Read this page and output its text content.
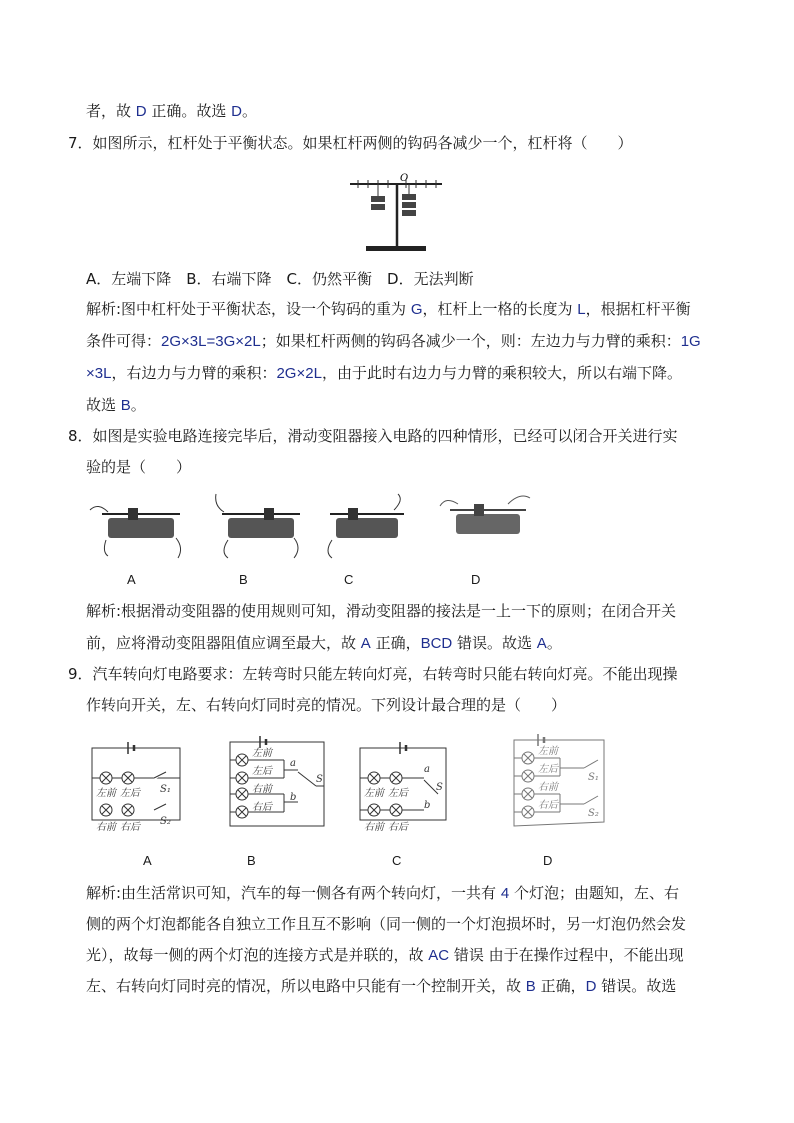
者，故 D 正确。故选 D。
7．如图所示，杠杆处于平衡状态。如果杠杆两侧的钩码各减少一个，杠杆将（　　）
O
A．左端下降　B．右端下降　C．仍然平衡　D．无法判断
解析:图中杠杆处于平衡状态，设一个钩码的重为 G，杠杆上一格的长度为 L，根据杠杆平衡
条件可得：2G×3L=3G×2L；如果杠杆两侧的钩码各减少一个，则：左边力与力臂的乘积：1G
×3L，右边力与力臂的乘积：2G×2L，由于此时右边力与力臂的乘积较大，所以右端下降。
故选 B。
8．如图是实验电路连接完毕后，滑动变阻器接入电路的四种情形，已经可以闭合开关进行实
验的是（　　）
A	B	C	D
解析:根据滑动变阻器的使用规则可知，滑动变阻器的接法是一上一下的原则；在闭合开关
前，应将滑动变阻器阻值应调至最大，故 A 正确，BCD 错误。故选 A。
9．汽车转向灯电路要求：左转弯时只能左转向灯亮，右转弯时只能右转向灯亮。不能出现操
作转向开关，左、右转向灯同时亮的情况。下列设计最合理的是（　　）
左前 左后
右前 右后
S₁
S₂
左前
左后
右前
右后
a
b
S
左前 左后
右前 右后
a
b
S
左前
左后
右前
右后
S₁
S₂
A	B	C	D
解析:由生活常识可知，汽车的每一侧各有两个转向灯，一共有 4 个灯泡；由题知，左、右
侧的两个灯泡都能各自独立工作且互不影响（同一侧的一个灯泡损坏时，另一灯泡仍然会发
光），故每一侧的两个灯泡的连接方式是并联的，故 AC 错误 由于在操作过程中，不能出现
左、右转向灯同时亮的情况，所以电路中只能有一个控制开关，故 B 正确，D 错误。故选
